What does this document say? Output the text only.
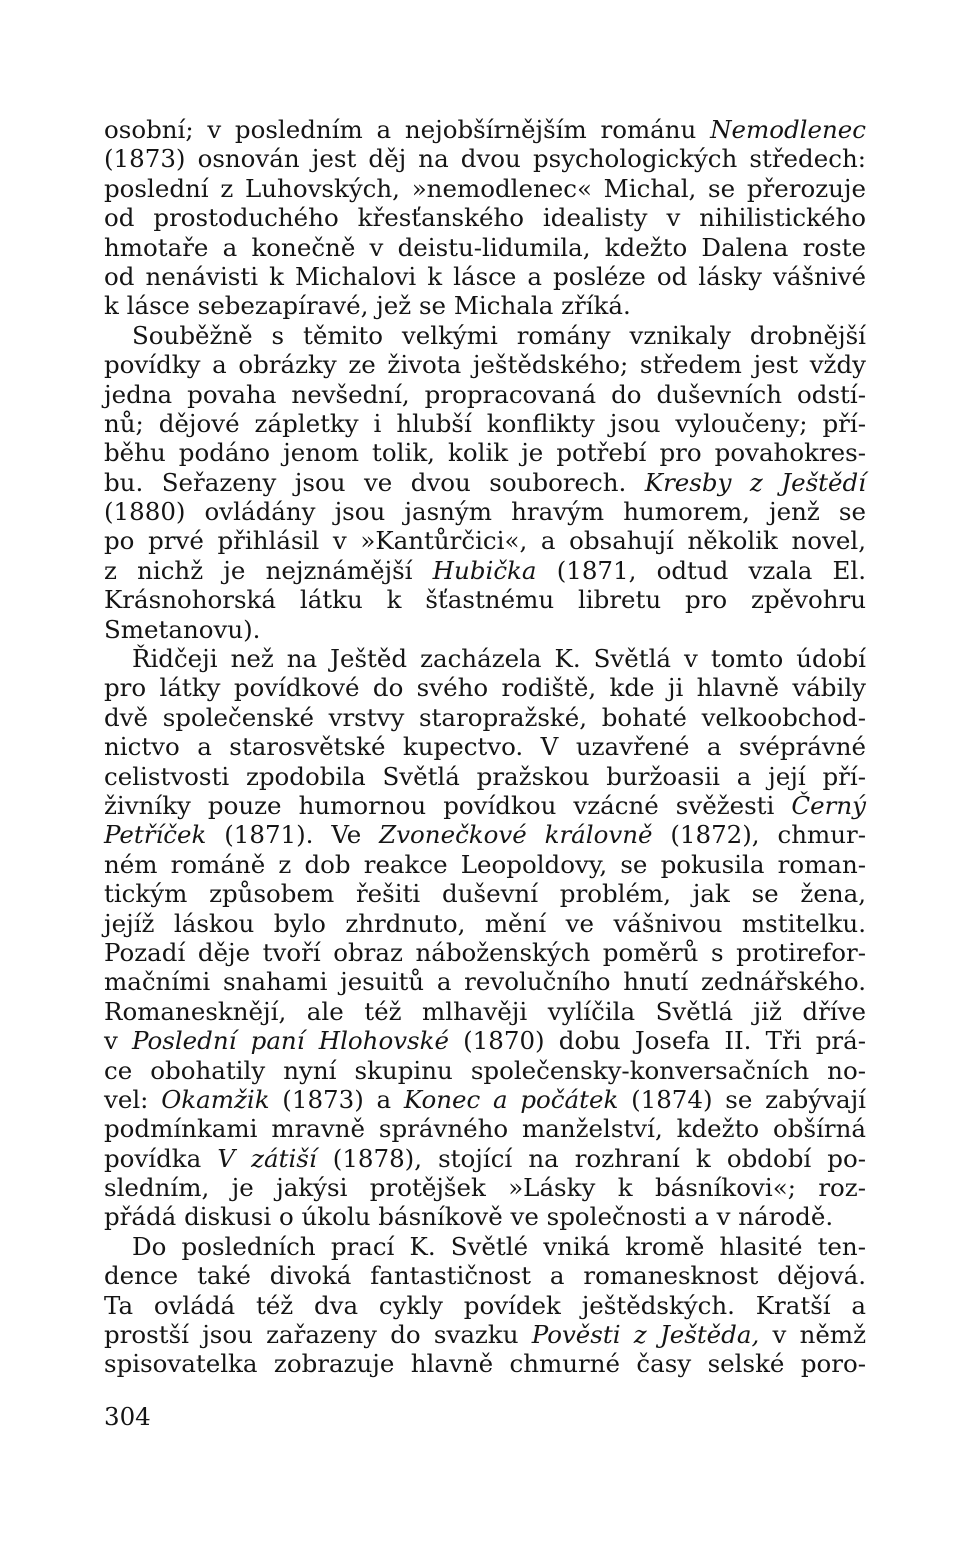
osobní; v posledním a nejobšírnějším románu Nemodlenec
(1873) osnován jest děj na dvou psychologických středech:
poslední z Luhovských, »nemodlenec« Michal, se přerozuje
od prostoduchého křesťanského idealisty v nihilistického
hmotaře a konečně v deistu-lidumila, kdežto Dalena roste
od nenávisti k Michalovi k lásce a posléze od lásky vášnivé
k lásce sebezapíravé, jež se Michala zříká.
Souběžně s těmito velkými romány vznikaly drobnější
povídky a obrázky ze života ještědského; středem jest vždy
jedna povaha nevšední, propracovaná do duševních odstí-
nů; dějové zápletky i hlubší konflikty jsou vyloučeny; pří-
běhu podáno jenom tolik, kolik je potřebí pro povahokres-
bu. Seřazeny jsou ve dvou souborech. Kresby z Ještědí
(1880) ovládány jsou jasným hravým humorem, jenž se
po prvé přihlásil v »Kantůrčici«, a obsahují několik novel,
z nichž je nejznámější Hubička (1871, odtud vzala El.
Krásnohorská látku k šťastnému libretu pro zpěvohru
Smetanovu).
Řidčeji než na Ještěd zacházela K. Světlá v tomto údobí
pro látky povídkové do svého rodiště, kde ji hlavně vábily
dvě společenské vrstvy staropražské, bohaté velkoobchod-
nictvo a starosvětské kupectvo. V uzavřené a svéprávné
celistvosti zpodobila Světlá pražskou buržoasii a její pří-
živníky pouze humornou povídkou vzácné svěžesti Černý
Petříček (1871). Ve Zvonečkové královně (1872), chmur-
ném románě z dob reakce Leopoldovy, se pokusila roman-
tickým způsobem řešiti duševní problém, jak se žena,
jejíž láskou bylo zhrdnuto, mění ve vášnivou mstitelku.
Pozadí děje tvoří obraz náboženských poměrů s protirefor-
mačními snahami jesuitů a revolučního hnutí zednářského.
Romanesknějí, ale též mlhavěji vylíčila Světlá již dříve
v Poslední paní Hlohovské (1870) dobu Josefa II. Tři prá-
ce obohatily nyní skupinu společensky-konversačních no-
vel: Okamžik (1873) a Konec a počátek (1874) se zabývají
podmínkami mravně správného manželství, kdežto obšírná
povídka V zátiší (1878), stojící na rozhraní k období po-
sledním, je jakýsi protějšek »Lásky k básníkovi«; roz-
přádá diskusi o úkolu básníkově ve společnosti a v národě.
Do posledních prací K. Světlé vniká kromě hlasité ten-
dence také divoká fantastičnost a romanesknost dějová.
Ta ovládá též dva cykly povídek ještědských. Kratší a
prostší jsou zařazeny do svazku Pověsti z Ještěda, v němž
spisovatelka zobrazuje hlavně chmurné časy selské poro-
304
